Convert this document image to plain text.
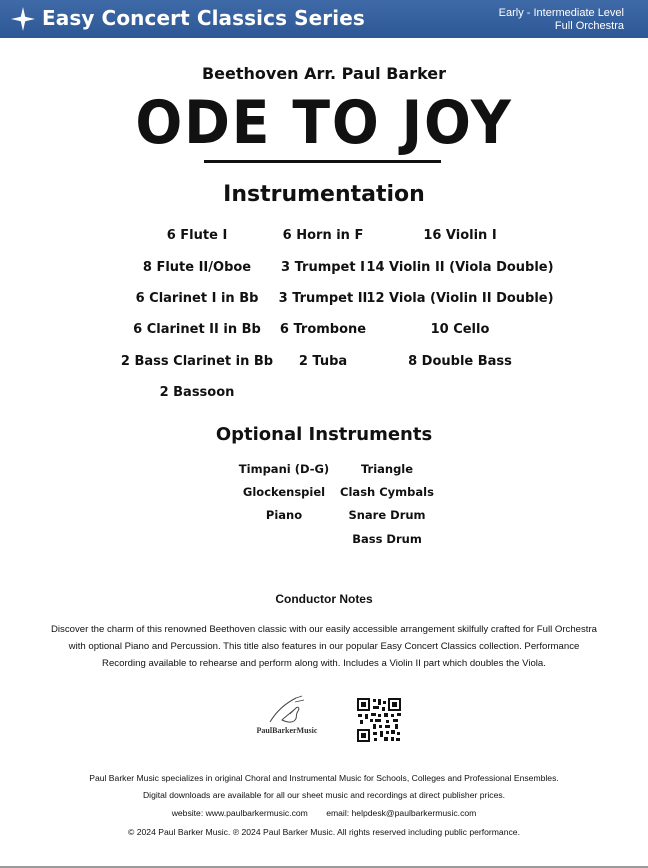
Easy Concert Classics Series	Early - Intermediate Level
Full Orchestra
Beethoven Arr. Paul Barker
ODE TO JOY
Instrumentation
6 Flute I
8 Flute II/Oboe
6 Clarinet I in Bb
6 Clarinet II in Bb
2 Bass Clarinet in Bb
2 Bassoon
6 Horn in F
3 Trumpet I
3 Trumpet II
6 Trombone
2 Tuba
16 Violin I
14 Violin II (Viola Double)
12 Viola (Violin II Double)
10 Cello
8 Double Bass
Optional Instruments
Timpani (D-G)
Glockenspiel
Piano
Triangle
Clash Cymbals
Snare Drum
Bass Drum
Conductor Notes
Discover the charm of this renowned Beethoven classic with our easily accessible arrangement skilfully crafted for Full Orchestra with optional Piano and Percussion. This title also features in our popular Easy Concert Classics collection. Performance Recording available to rehearse and perform along with. Includes a Violin II part which doubles the Viola.
PaulBarkerMusic
Paul Barker Music specializes in original Choral and Instrumental Music for Schools, Colleges and Professional Ensembles.
Digital downloads are available for all our sheet music and recordings at direct publisher prices.
website: www.paulbarkermusic.com email: helpdesk@paulbarkermusic.com
© 2024 Paul Barker Music. ℗ 2024 Paul Barker Music. All rights reserved including public performance.
